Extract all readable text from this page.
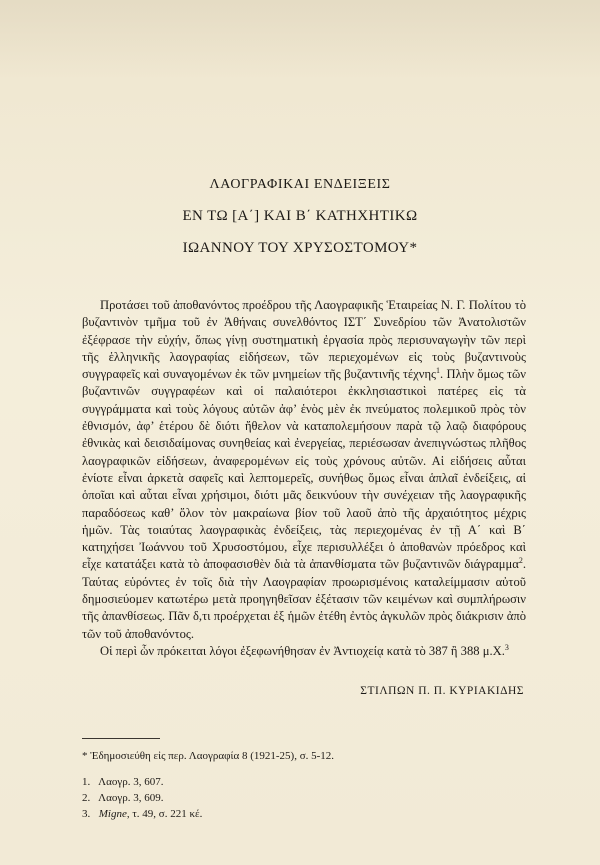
ΛΑΟΓΡΑΦΙΚΑΙ ΕΝΔΕΙΞΕΙΣ
ΕΝ ΤΩ [Α΄] ΚΑΙ Β΄ ΚΑΤΗΧΗΤΙΚΩ
ΙΩΑΝΝΟΥ ΤΟΥ ΧΡΥΣΟΣΤΟΜΟΥ*

Προτάσει τοῦ ἀποθανόντος προέδρου τῆς Λαογραφικῆς Ἑταιρείας Ν. Γ. Πολίτου τὸ βυζαντινὸν τμῆμα τοῦ ἐν Ἀθήναις συνελθόντος ΙΣΤ΄ Συνεδρίου τῶν Ἀνατολιστῶν ἐξέφρασε τὴν εὐχήν, ὅπως γίνῃ συστηματικὴ ἐργασία πρὸς περισυναγωγὴν τῶν περὶ τῆς ἑλληνικῆς λαογραφίας εἰδήσεων, τῶν περιεχομένων εἰς τοὺς βυζαντινοὺς συγγραφεῖς καὶ συναγομένων ἐκ τῶν μνημείων τῆς βυζαντινῆς τέχνης$^1$. Πλὴν ὅμως τῶν βυζαντινῶν συγγραφέων καὶ οἱ παλαιότεροι ἐκκλησιαστικοὶ πατέρες εἰς τὰ συγγράμματα καὶ τοὺς λόγους αὐτῶν ἀφ’ ἑνὸς μὲν ἐκ πνεύματος πολεμικοῦ πρὸς τὸν ἐθνισμόν, ἀφ’ ἑτέρου δὲ διότι ἤθελον νὰ καταπολεμήσουν παρὰ τῷ λαῷ διαφόρους ἐθνικὰς καὶ δεισιδαίμονας συνηθείας καὶ ἐνεργείας, περιέσωσαν ἀνεπιγνώστως πλῆθος λαογραφικῶν εἰδήσεων, ἀναφερομένων εἰς τοὺς χρόνους αὐτῶν. Αἱ εἰδήσεις αὗται ἐνίοτε εἶναι ἀρκετὰ σαφεῖς καὶ λεπτομερεῖς, συνήθως ὅμως εἶναι ἁπλαῖ ἐνδείξεις, αἱ ὁποῖαι καὶ αὗται εἶναι χρήσιμοι, διότι μᾶς δεικνύουν τὴν συνέχειαν τῆς λαογραφικῆς παραδόσεως καθ’ ὅλον τὸν μακραίωνα βίον τοῦ λαοῦ ἀπὸ τῆς ἀρχαιότητος μέχρις ἡμῶν. Τὰς τοιαύτας λαογραφικὰς ἐνδείξεις, τὰς περιεχομένας ἐν τῇ Α΄ καὶ Β΄ κατηχήσει Ἰωάννου τοῦ Χρυσοστόμου, εἶχε περισυλλέξει ὁ ἀποθανὼν πρόεδρος καὶ εἶχε κατατάξει κατὰ τὸ ἀποφασισθὲν διὰ τὰ ἀπανθίσματα τῶν βυζαντινῶν διάγραμμα$^2$. Ταύτας εὑρόντες ἐν τοῖς διὰ τὴν Λαογραφίαν προωρισμένοις καταλείμμασιν αὐτοῦ δημοσιεύομεν κατωτέρω μετὰ προηγηθεῖσαν ἐξέτασιν τῶν κειμένων καὶ συμπλήρωσιν τῆς ἀπανθίσεως. Πᾶν δ,τι προέρχεται ἐξ ἡμῶν ἐτέθη ἐντὸς ἀγκυλῶν πρὸς διάκρισιν ἀπὸ τῶν τοῦ ἀποθανόντος.

Οἱ περὶ ὧν πρόκειται λόγοι ἐξεφωνήθησαν ἐν Ἀντιοχείᾳ κατὰ τὸ 387 ἢ 388 μ.Χ.$^3$

ΣΤΙΛΠΩΝ Π. Π. ΚΥΡΙΑΚΙΔΗΣ
* Ἐδημοσιεύθη εἰς περ. Λαογραφία 8 (1921-25), σ. 5-12.
1. Λαογρ. 3, 607.
2. Λαογρ. 3, 609.
3. Migne, τ. 49, σ. 221 κέ.
